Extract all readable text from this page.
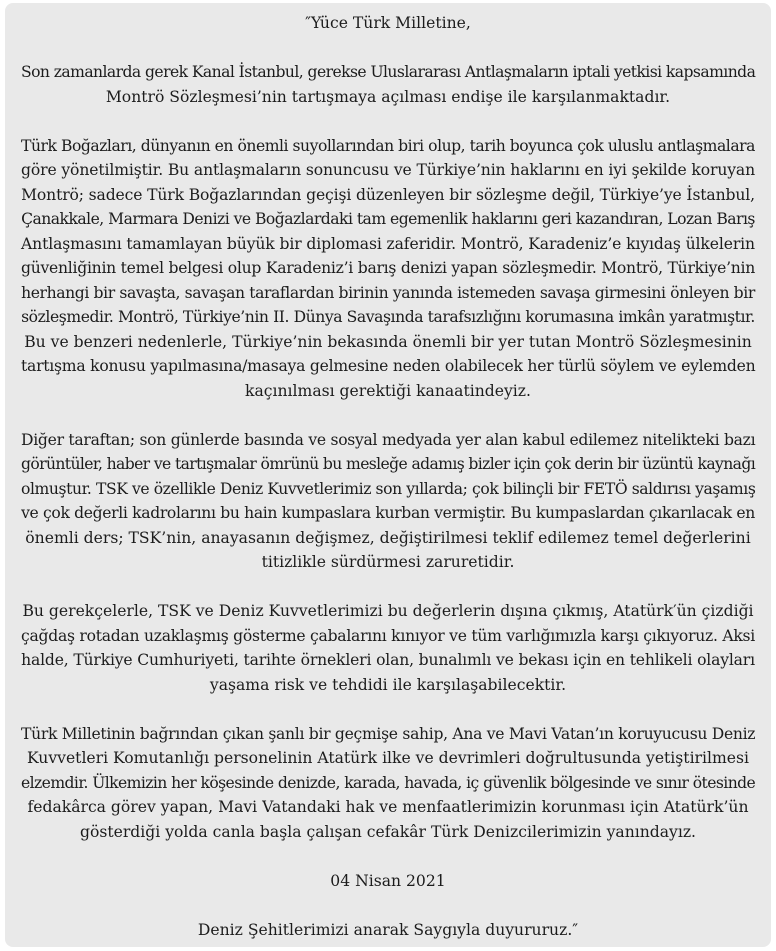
″Yüce Türk Milletine,
Son zamanlarda gerek Kanal İstanbul, gerekse Uluslararası Antlaşmaların iptali yetkisi kapsamında
Montrö Sözleşmesi’nin tartışmaya açılması endişe ile karşılanmaktadır.
Türk Boğazları, dünyanın en önemli suyollarından biri olup, tarih boyunca çok uluslu antlaşmalara
göre yönetilmiştir. Bu antlaşmaların sonuncusu ve Türkiye’nin haklarını en iyi şekilde koruyan
Montrö; sadece Türk Boğazlarından geçişi düzenleyen bir sözleşme değil, Türkiye’ye İstanbul,
Çanakkale, Marmara Denizi ve Boğazlardaki tam egemenlik haklarını geri kazandıran, Lozan Barış
Antlaşmasını tamamlayan büyük bir diplomasi zaferidir. Montrö, Karadeniz’e kıyıdaş ülkelerin
güvenliğinin temel belgesi olup Karadeniz’i barış denizi yapan sözleşmedir. Montrö, Türkiye’nin
herhangi bir savaşta, savaşan taraflardan birinin yanında istemeden savaşa girmesini önleyen bir
sözleşmedir. Montrö, Türkiye’nin II. Dünya Savaşında tarafsızlığını korumasına imkân yaratmıştır.
Bu ve benzeri nedenlerle, Türkiye’nin bekasında önemli bir yer tutan Montrö Sözleşmesinin
tartışma konusu yapılmasına/masaya gelmesine neden olabilecek her türlü söylem ve eylemden
kaçınılması gerektiği kanaatindeyiz.
Diğer taraftan; son günlerde basında ve sosyal medyada yer alan kabul edilemez nitelikteki bazı
görüntüler, haber ve tartışmalar ömrünü bu mesleğe adamış bizler için çok derin bir üzüntü kaynağı
olmuştur. TSK ve özellikle Deniz Kuvvetlerimiz son yıllarda; çok bilinçli bir FETÖ saldırısı yaşamış
ve çok değerli kadrolarını bu hain kumpaslara kurban vermiştir. Bu kumpaslardan çıkarılacak en
önemli ders; TSK’nin, anayasanın değişmez, değiştirilmesi teklif edilemez temel değerlerini
titizlikle sürdürmesi zaruretidir.
Bu gerekçelerle, TSK ve Deniz Kuvvetlerimizi bu değerlerin dışına çıkmış, Atatürk′ün çizdiği
çağdaş rotadan uzaklaşmış gösterme çabalarını kınıyor ve tüm varlığımızla karşı çıkıyoruz. Aksi
halde, Türkiye Cumhuriyeti, tarihte örnekleri olan, bunalımlı ve bekası için en tehlikeli olayları
yaşama risk ve tehdidi ile karşılaşabilecektir.
Türk Milletinin bağrından çıkan şanlı bir geçmişe sahip, Ana ve Mavi Vatan’ın koruyucusu Deniz
Kuvvetleri Komutanlığı personelinin Atatürk ilke ve devrimleri doğrultusunda yetiştirilmesi
elzemdir. Ülkemizin her köşesinde denizde, karada, havada, iç güvenlik bölgesinde ve sınır ötesinde
fedakârca görev yapan, Mavi Vatandaki hak ve menfaatlerimizin korunması için Atatürk’ün
gösterdiği yolda canla başla çalışan cefakâr Türk Denizcilerimizin yanındayız.
04 Nisan 2021
Deniz Şehitlerimizi anarak Saygıyla duyururuz.″
